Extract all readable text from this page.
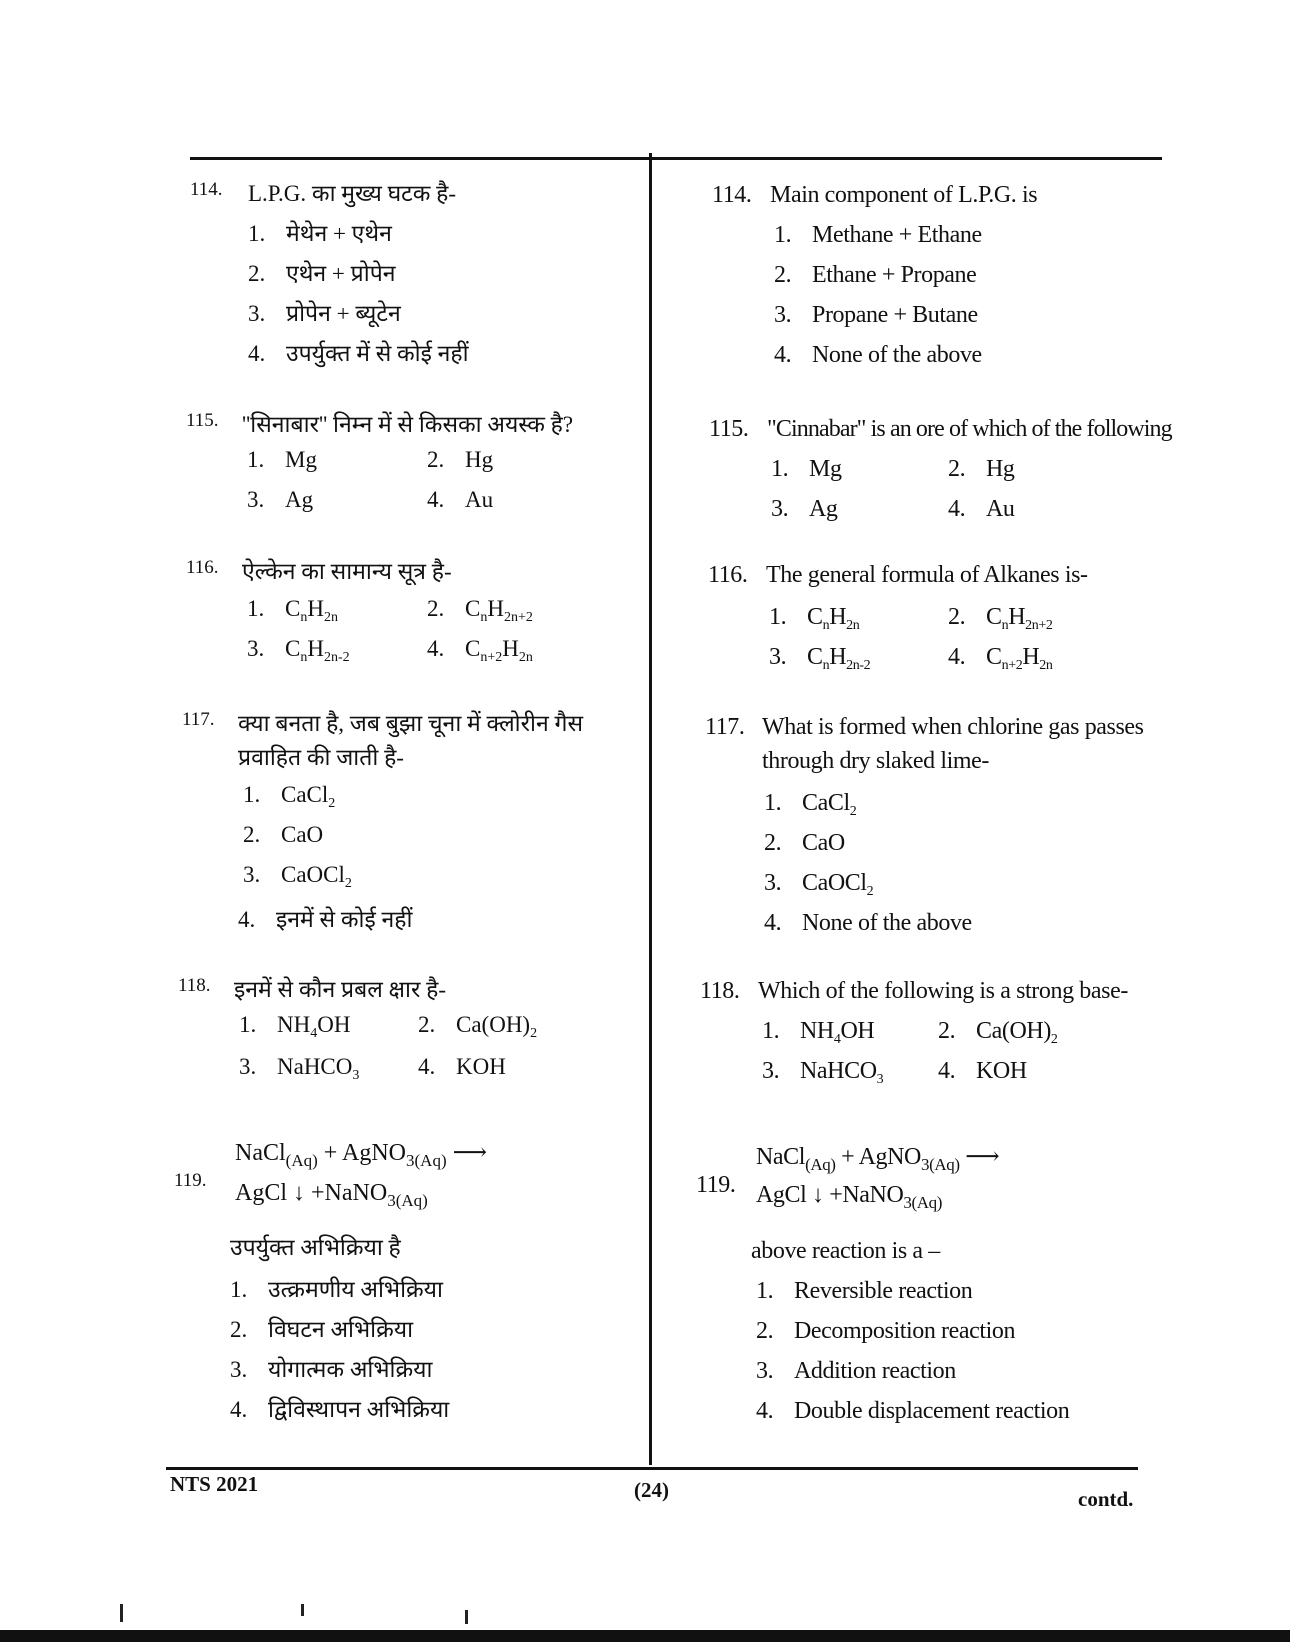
114. L.P.G. का मुख्य घटक है-
1. मेथेन + एथेन
2. एथेन + प्रोपेन
3. प्रोपेन + ब्यूटेन
4. उपर्युक्त में से कोई नहीं
115. ''सिनाबार'' निम्न में से किसका अयस्क है?
1. Mg	2. Hg
3. Ag	4. Au
116. ऐल्केन का सामान्य सूत्र है-
1. $C_nH_{2n}$	2. $C_nH_{2n+2}$
3. $C_nH_{2n-2}$	4. $C_{n+2}H_{2n}$
117. क्या बनता है, जब बुझा चूना में क्लोरीन गैस
प्रवाहित की जाती है-
1. CaCl$_2$
2. CaO
3. CaOCl$_2$
4. इनमें से कोई नहीं
118. इनमें से कौन प्रबल क्षार है-
1. $NH_4OH$	2. $Ca(OH)_2$
3. NaHCO$_3$	4. KOH
119.
NaCl$_{(Aq)}$ + AgNO$_{3(Aq)}$ ⟶
AgCl ↓ +NaNO$_{3(Aq)}$
उपर्युक्त अभिक्रिया है
1. उत्क्रमणीय अभिक्रिया
2. विघटन अभिक्रिया
3. योगात्मक अभिक्रिया
4. द्विविस्थापन अभिक्रिया
114. Main component of L.P.G. is
1. Methane + Ethane
2. Ethane + Propane
3. Propane + Butane
4. None of the above
115. "Cinnabar" is an ore of which of the following
1. Mg	2. Hg
3. Ag	4. Au
116. The general formula of Alkanes is-
1. $C_nH_{2n}$	2. $C_nH_{2n+2}$
3. $C_nH_{2n-2}$	4. $C_{n+2}H_{2n}$
117. What is formed when chlorine gas passes
through dry slaked lime-
1. CaCl$_2$
2. CaO
3. CaOCl$_2$
4. None of the above
118. Which of the following is a strong base-
1. $NH_4OH$	2. $Ca(OH)_2$
3. NaHCO$_3$ 4. KOH
119.
NaCl$_{(Aq)}$ + AgNO$_{3(Aq)}$ ⟶
AgCl ↓ +NaNO$_{3(Aq)}$
above reaction is a –
1. Reversible reaction
2. Decomposition reaction
3. Addition reaction
4. Double displacement reaction
NTS 2021	(24)	contd.
